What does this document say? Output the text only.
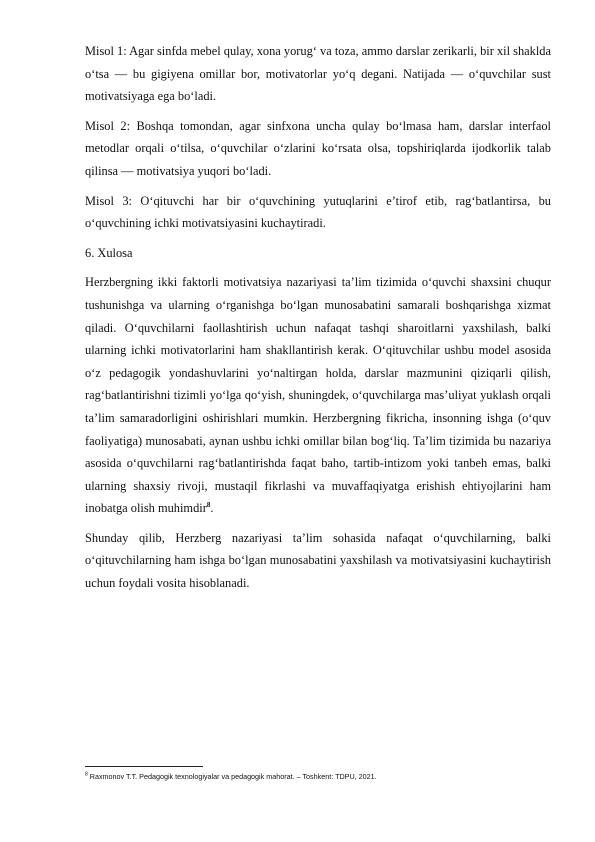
Misol 1: Agar sinfda mebel qulay, xona yorug‘ va toza, ammo darslar zerikarli, bir xil shaklda o‘tsa — bu gigiyena omillar bor, motivatorlar yo‘q degani. Natijada — o‘quvchilar sust motivatsiyaga ega bo‘ladi.

Misol 2: Boshqa tomondan, agar sinfxona uncha qulay bo‘lmasa ham, darslar interfaol metodlar orqali o‘tilsa, o‘quvchilar o‘zlarini ko‘rsata olsa, topshiriqlarda ijodkorlik talab qilinsa — motivatsiya yuqori bo‘ladi.

Misol 3: O‘qituvchi har bir o‘quvchining yutuqlarini e’tirof etib, rag‘batlantirsa, bu o‘quvchining ichki motivatsiyasini kuchaytiradi.

6. Xulosa

Herzbergning ikki faktorli motivatsiya nazariyasi ta’lim tizimida o‘quvchi shaxsini chuqur tushunishga va ularning o‘rganishga bo‘lgan munosabatini samarali boshqarishga xizmat qiladi. O‘quvchilarni faollashtirish uchun nafaqat tashqi sharoitlarni yaxshilash, balki ularning ichki motivatorlarini ham shakllantirish kerak. O‘qituvchilar ushbu model asosida o‘z pedagogik yondashuvlarini yo‘naltirgan holda, darslar mazmunini qiziqarli qilish, rag‘batlantirishni tizimli yo‘lga qo‘yish, shuningdek, o‘quvchilarga mas’uliyat yuklash orqali ta’lim samaradorligini oshirishlari mumkin. Herzbergning fikricha, insonning ishga (o‘quv faoliyatiga) munosabati, aynan ushbu ichki omillar bilan bog‘liq. Ta’lim tizimida bu nazariya asosida o‘quvchilarni rag‘batlantirishda faqat baho, tartib-intizom yoki tanbeh emas, balki ularning shaxsiy rivoji, mustaqil fikrlashi va muvaffaqiyatga erishish ehtiyojlarini ham inobatga olish muhimdir$^8$.

Shunday qilib, Herzberg nazariyasi ta’lim sohasida nafaqat o‘quvchilarning, balki o‘qituvchilarning ham ishga bo‘lgan munosabatini yaxshilash va motivatsiyasini kuchaytirish uchun foydali vosita hisoblanadi.

$^8$ Raxmonov T.T. Pedagogik texnologiyalar va pedagogik mahorat. – Toshkent: TDPU, 2021.
